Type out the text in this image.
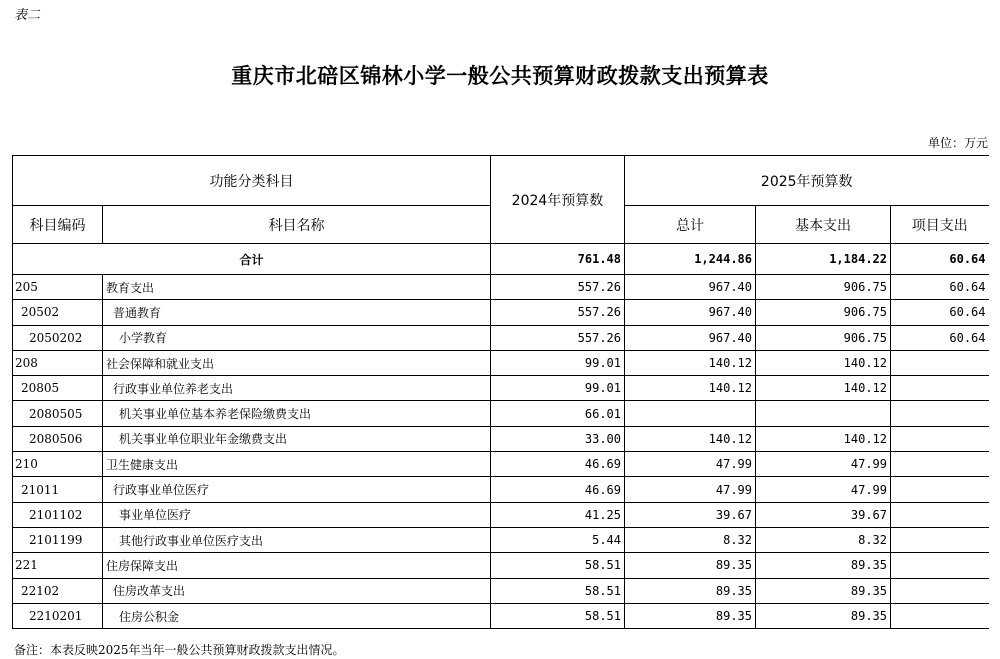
表二
重庆市北碚区锦林小学一般公共预算财政拨款支出预算表
单位：万元
功能分类科目		2024年预算数	2025年预算数		
科目编码	科目名称		总计	基本支出	项目支出
合计		761.48	1,244.86	1,184.22	60.64
205	教育支出	557.26	967.40	906.75	60.64
20502	普通教育	557.26	967.40	906.75	60.64
2050202	小学教育	557.26	967.40	906.75	60.64
208	社会保障和就业支出	99.01	140.12	140.12	
20805	行政事业单位养老支出	99.01	140.12	140.12	
2080505	机关事业单位基本养老保险缴费支出	66.01			
2080506	机关事业单位职业年金缴费支出	33.00	140.12	140.12	
210	卫生健康支出	46.69	47.99	47.99	
21011	行政事业单位医疗	46.69	47.99	47.99	
2101102	事业单位医疗	41.25	39.67	39.67	
2101199	其他行政事业单位医疗支出	5.44	8.32	8.32	
221	住房保障支出	58.51	89.35	89.35	
22102	住房改革支出	58.51	89.35	89.35	
2210201	住房公积金	58.51	89.35	89.35	
备注：本表反映2025年当年一般公共预算财政拨款支出情况。
